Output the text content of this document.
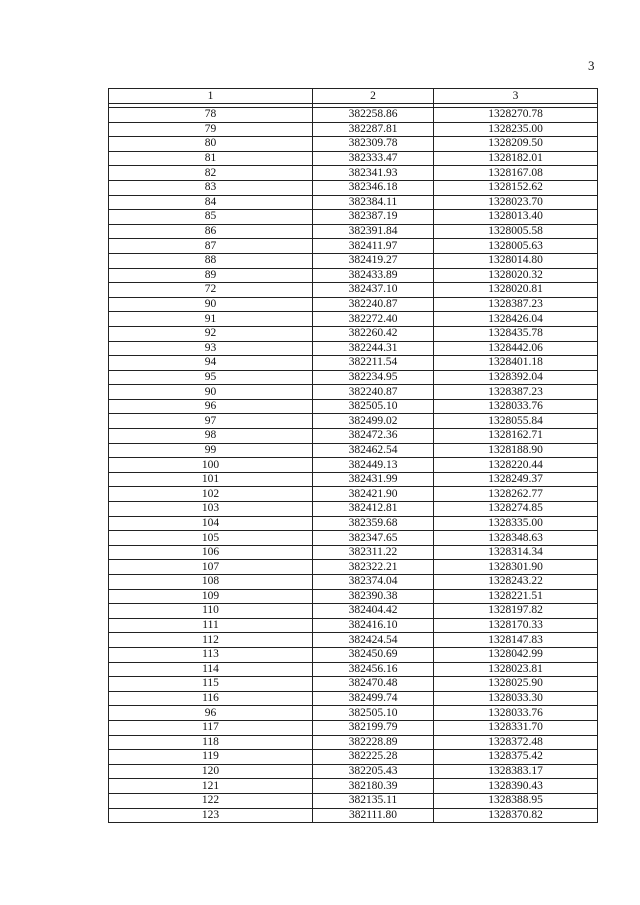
3
1	2	3

78	382258.86	1328270.78
79	382287.81	1328235.00
80	382309.78	1328209.50
81	382333.47	1328182.01
82	382341.93	1328167.08
83	382346.18	1328152.62
84	382384.11	1328023.70
85	382387.19	1328013.40
86	382391.84	1328005.58
87	382411.97	1328005.63
88	382419.27	1328014.80
89	382433.89	1328020.32
72	382437.10	1328020.81
90	382240.87	1328387.23
91	382272.40	1328426.04
92	382260.42	1328435.78
93	382244.31	1328442.06
94	382211.54	1328401.18
95	382234.95	1328392.04
90	382240.87	1328387.23
96	382505.10	1328033.76
97	382499.02	1328055.84
98	382472.36	1328162.71
99	382462.54	1328188.90
100	382449.13	1328220.44
101	382431.99	1328249.37
102	382421.90	1328262.77
103	382412.81	1328274.85
104	382359.68	1328335.00
105	382347.65	1328348.63
106	382311.22	1328314.34
107	382322.21	1328301.90
108	382374.04	1328243.22
109	382390.38	1328221.51
110	382404.42	1328197.82
111	382416.10	1328170.33
112	382424.54	1328147.83
113	382450.69	1328042.99
114	382456.16	1328023.81
115	382470.48	1328025.90
116	382499.74	1328033.30
96	382505.10	1328033.76
117	382199.79	1328331.70
118	382228.89	1328372.48
119	382225.28	1328375.42
120	382205.43	1328383.17
121	382180.39	1328390.43
122	382135.11	1328388.95
123	382111.80	1328370.82
